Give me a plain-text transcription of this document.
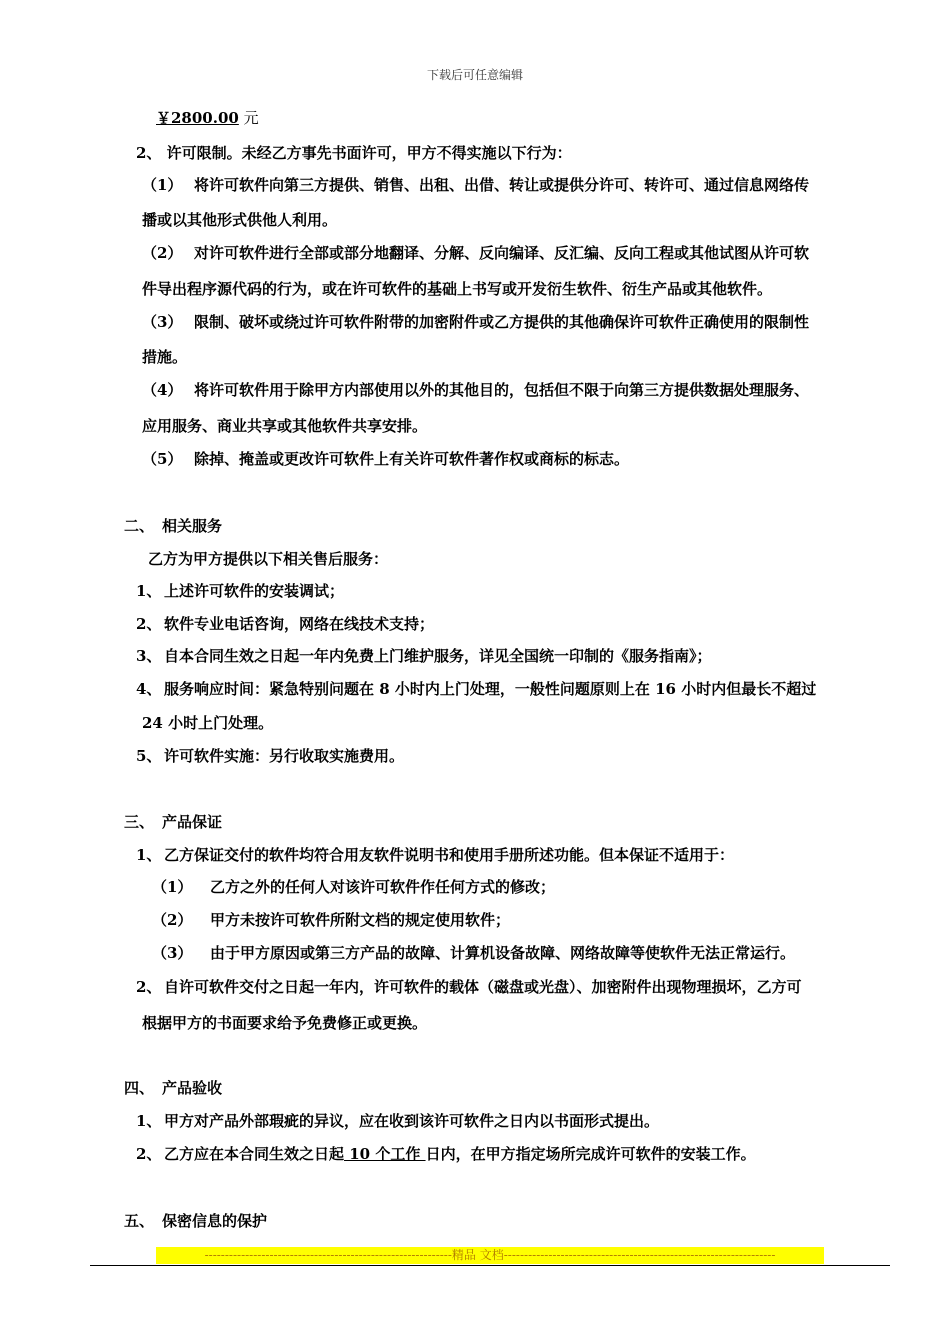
下载后可任意编辑
￥2800.00 元
2、 许可限制。未经乙方事先书面许可，甲方不得实施以下行为：
（1） 将许可软件向第三方提供、销售、出租、出借、转让或提供分许可、转许可、通过信息网络传
播或以其他形式供他人利用。
（2） 对许可软件进行全部或部分地翻译、分解、反向编译、反汇编、反向工程或其他试图从许可软
件导出程序源代码的行为，或在许可软件的基础上书写或开发衍生软件、衍生产品或其他软件。
（3） 限制、破坏或绕过许可软件附带的加密附件或乙方提供的其他确保许可软件正确使用的限制性
措施。
（4） 将许可软件用于除甲方内部使用以外的其他目的，包括但不限于向第三方提供数据处理服务、
应用服务、商业共享或其他软件共享安排。
（5） 除掉、掩盖或更改许可软件上有关许可软件著作权或商标的标志。
二、 相关服务
乙方为甲方提供以下相关售后服务：
1、 上述许可软件的安装调试；
2、 软件专业电话咨询，网络在线技术支持；
3、 自本合同生效之日起一年内免费上门维护服务，详见全国统一印制的《服务指南》；
4、 服务响应时间：紧急特别问题在 8 小时内上门处理，一般性问题原则上在 16 小时内但最长不超过
24 小时上门处理。
5、 许可软件实施：另行收取实施费用。
三、 产品保证
1、 乙方保证交付的软件均符合用友软件说明书和使用手册所述功能。但本保证不适用于：
（1） 乙方之外的任何人对该许可软件作任何方式的修改；
（2） 甲方未按许可软件所附文档的规定使用软件；
（3） 由于甲方原因或第三方产品的故障、计算机设备故障、网络故障等使软件无法正常运行。
2、 自许可软件交付之日起一年内，许可软件的载体（磁盘或光盘）、加密附件出现物理损坏，乙方可
根据甲方的书面要求给予免费修正或更换。
四、 产品验收
1、 甲方对产品外部瑕疵的异议，应在收到该许可软件之日内以书面形式提出。
2、 乙方应在本合同生效之日起 10 个工作 日内，在甲方指定场所完成许可软件的安装工作。
五、 保密信息的保护
-------------------------------------------------------------精品 文档-------------------------------------------------------------------
